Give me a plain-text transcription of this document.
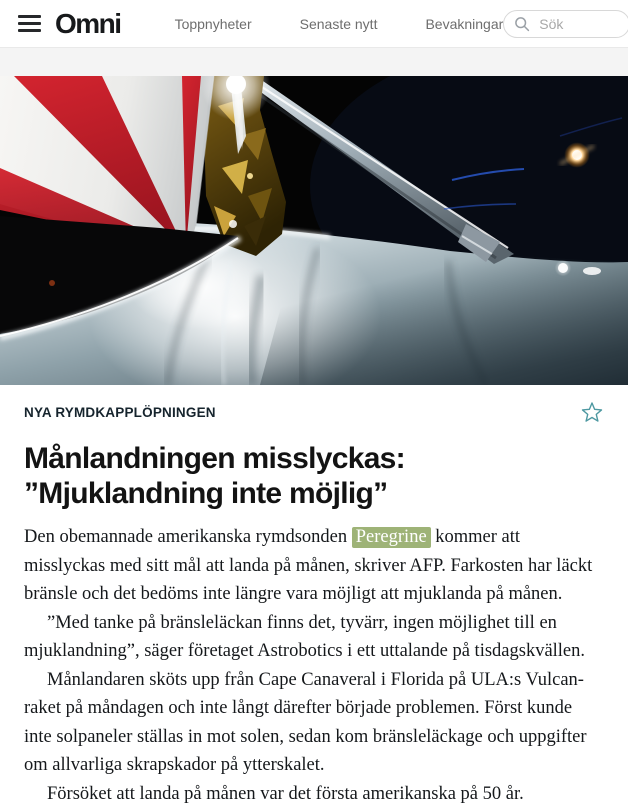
Omni	Toppnyheter	Senaste nytt	Bevakningar
Sök
NYA RYMDKAPPLÖPNINGEN
Månlandningen misslyckas: ”Mjuklandning inte möjlig”

Den obemannade amerikanska rymdsonden Peregrine kommer att misslyckas med sitt mål att landa på månen, skriver AFP. Farkosten har läckt bränsle och det bedöms inte längre vara möjligt att mjuklanda på månen.

”Med tanke på bränsleläckan finns det, tyvärr, ingen möjlighet till en mjuklandning”, säger företaget Astrobotics i ett uttalande på tisdagskvällen.

Månlandaren sköts upp från Cape Canaveral i Florida på ULA:s Vulcan-raket på måndagen och inte långt därefter började problemen. Först kunde inte solpaneler ställas in mot solen, sedan kom bränsleläckage och uppgifter om allvarliga skrapskador på ytterskalet.

Försöket att landa på månen var det första amerikanska på 50 år.
